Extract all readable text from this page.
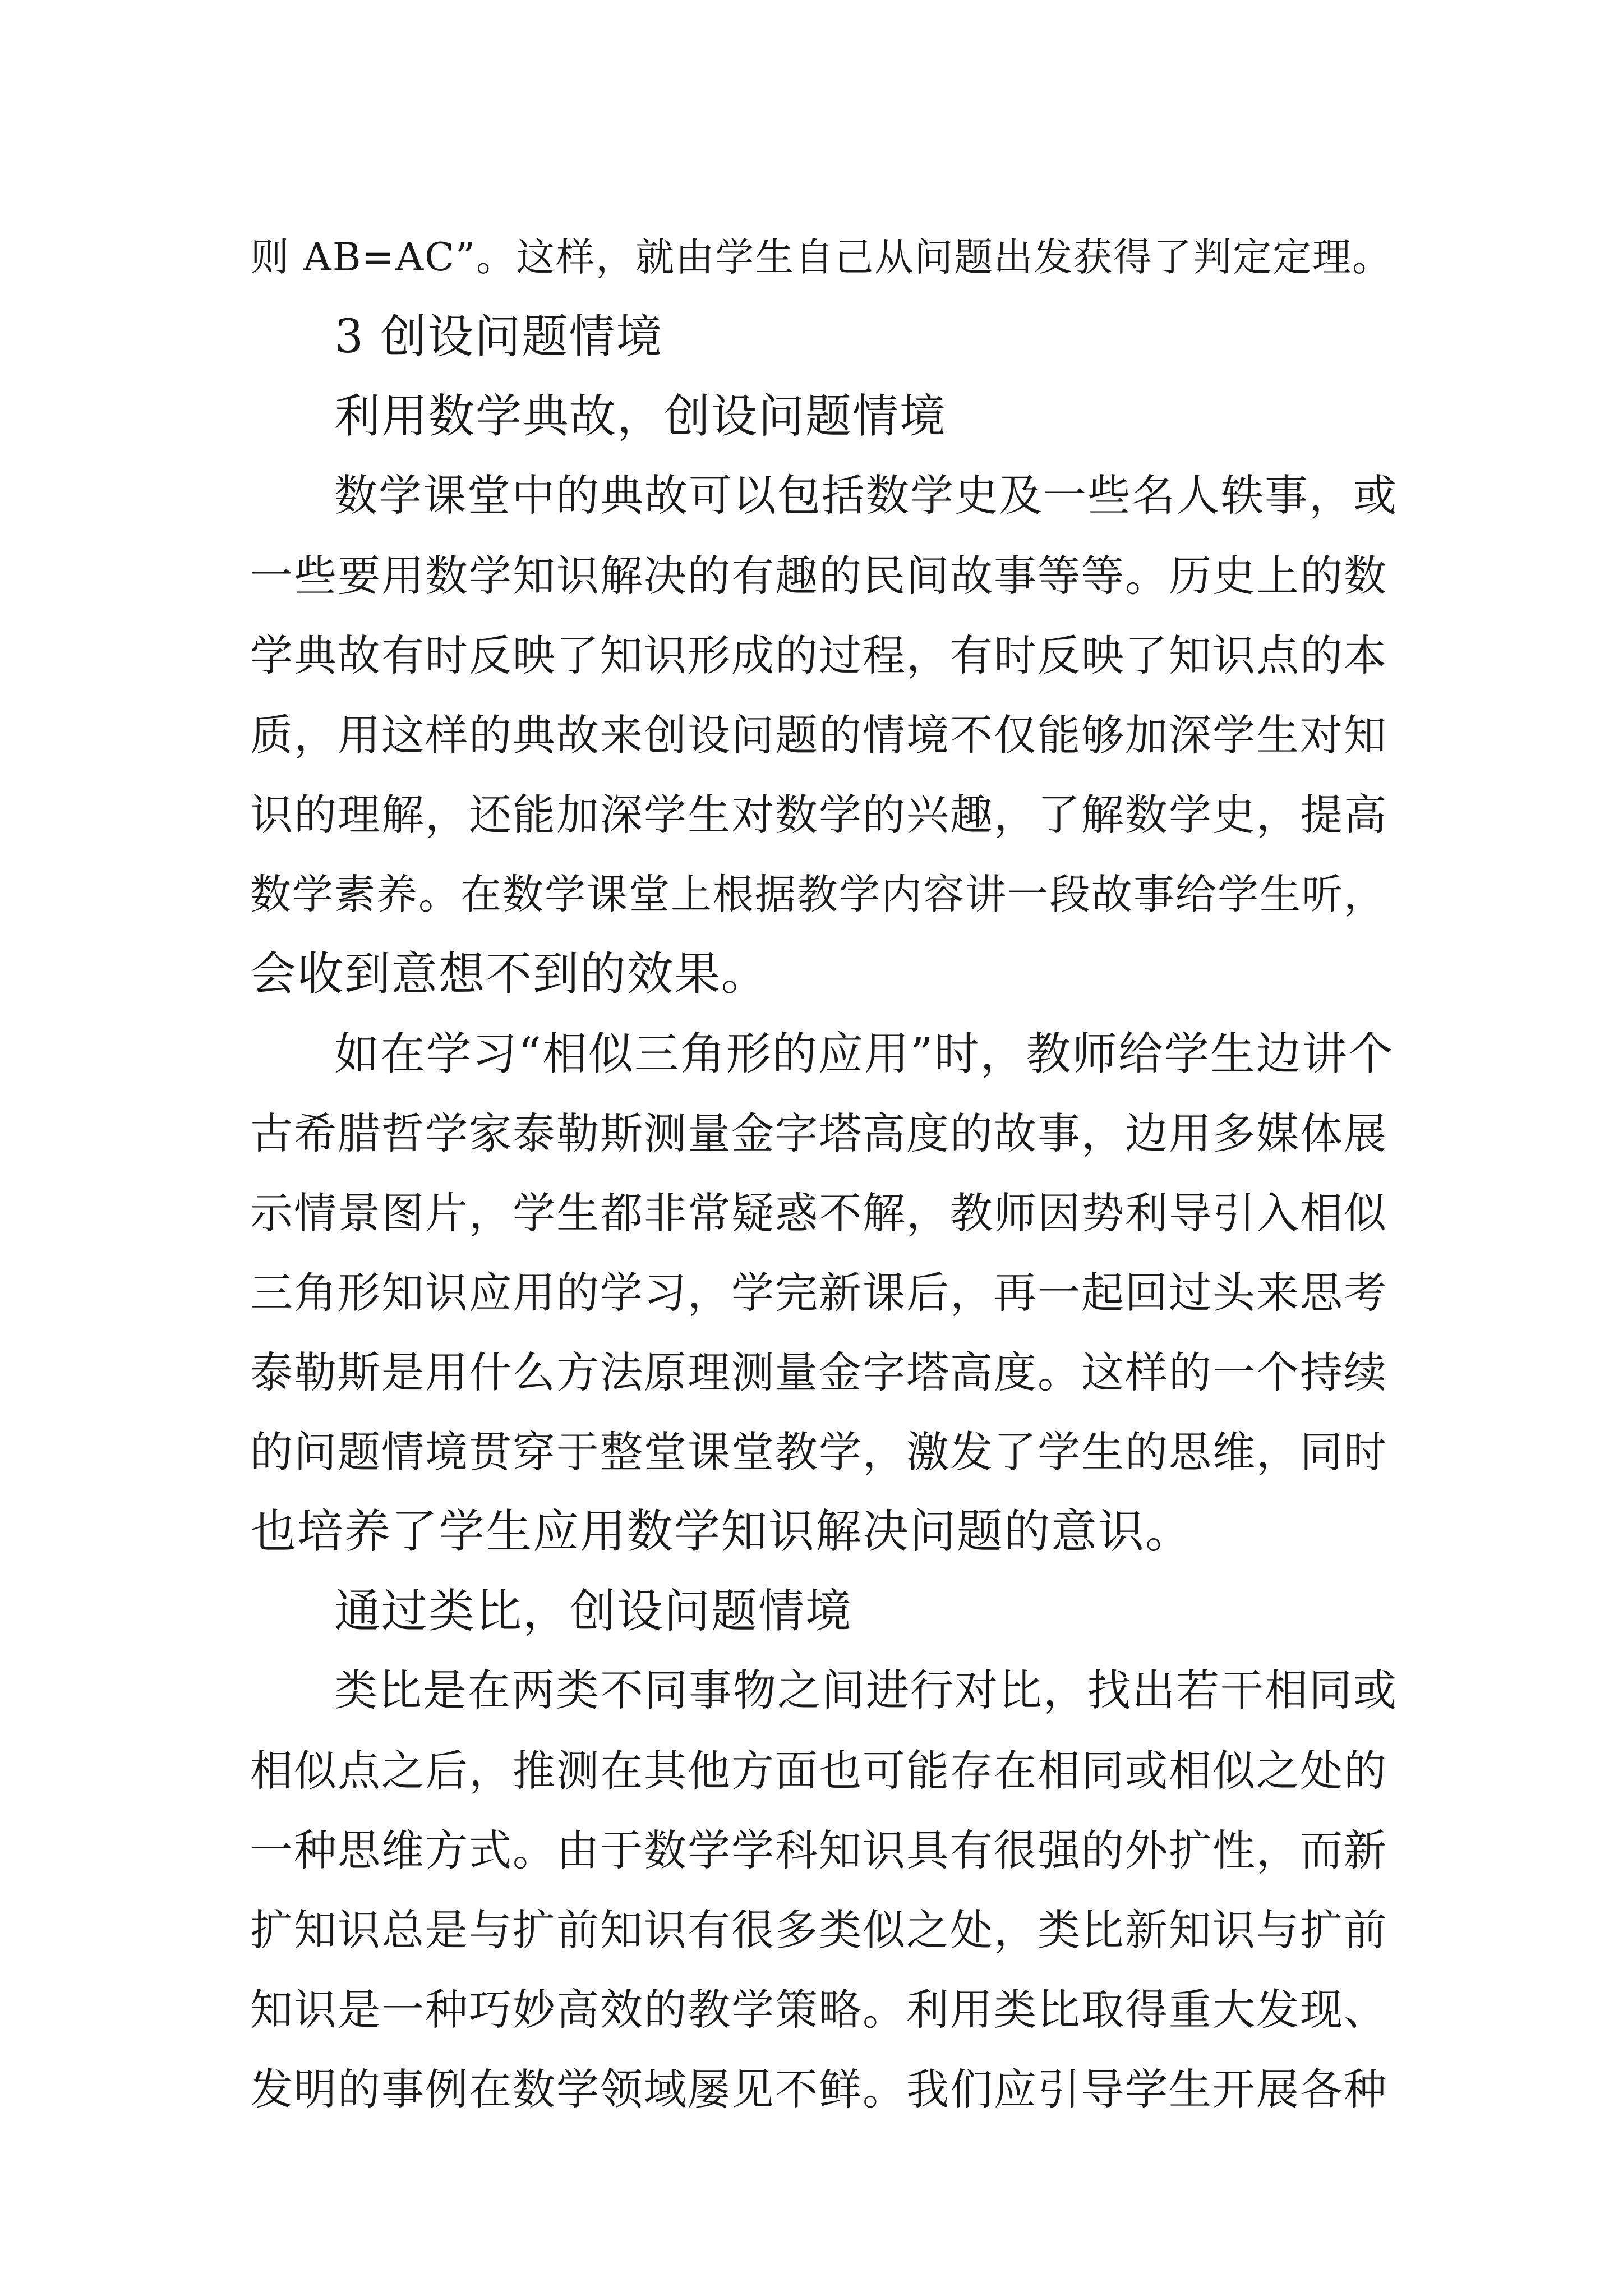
则 AB=AC”。这样，就由学生自己从问题出发获得了判定定理。
3 创设问题情境
利用数学典故，创设问题情境
数学课堂中的典故可以包括数学史及一些名人轶事，或
一些要用数学知识解决的有趣的民间故事等等。历史上的数
学典故有时反映了知识形成的过程，有时反映了知识点的本
质，用这样的典故来创设问题的情境不仅能够加深学生对知
识的理解，还能加深学生对数学的兴趣，了解数学史，提高
数学素养。在数学课堂上根据教学内容讲一段故事给学生听，
会收到意想不到的效果。
如在学习“相似三角形的应用”时，教师给学生边讲个
古希腊哲学家泰勒斯测量金字塔高度的故事，边用多媒体展
示情景图片，学生都非常疑惑不解，教师因势利导引入相似
三角形知识应用的学习，学完新课后，再一起回过头来思考
泰勒斯是用什么方法原理测量金字塔高度。这样的一个持续
的问题情境贯穿于整堂课堂教学，激发了学生的思维，同时
也培养了学生应用数学知识解决问题的意识。
通过类比，创设问题情境
类比是在两类不同事物之间进行对比，找出若干相同或
相似点之后，推测在其他方面也可能存在相同或相似之处的
一种思维方式。由于数学学科知识具有很强的外扩性，而新
扩知识总是与扩前知识有很多类似之处，类比新知识与扩前
知识是一种巧妙高效的教学策略。利用类比取得重大发现、
发明的事例在数学领域屡见不鲜。我们应引导学生开展各种
